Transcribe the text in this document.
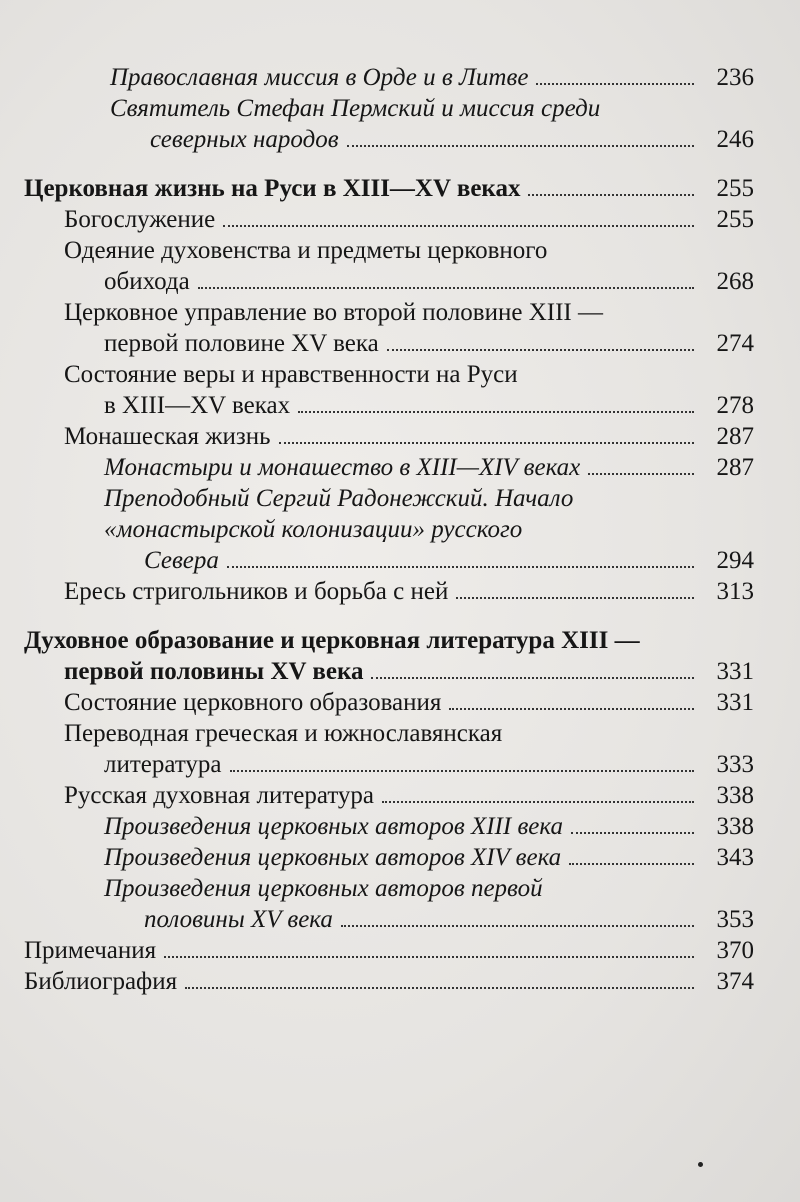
Православная миссия в Орде и в Литве	236
Святитель Стефан Пермский и миссия среди
северных народов	246
Церковная жизнь на Руси в XIII—XV веках	255
Богослужение	255
Одеяние духовенства и предметы церковного
обихода	268
Церковное управление во второй половине XIII —
первой половине XV века	274
Состояние веры и нравственности на Руси
в XIII—XV веках	278
Монашеская жизнь	287
Монастыри и монашество в XIII—XIV веках	287
Преподобный Сергий Радонежский. Начало
«монастырской колонизации» русского
Севера	294
Ересь стригольников и борьба с ней	313
Духовное образование и церковная литература XIII —
первой половины XV века	331
Состояние церковного образования	331
Переводная греческая и южнославянская
литература	333
Русская духовная литература	338
Произведения церковных авторов XIII века	338
Произведения церковных авторов XIV века	343
Произведения церковных авторов первой
половины XV века	353
Примечания	370
Библиография	374
